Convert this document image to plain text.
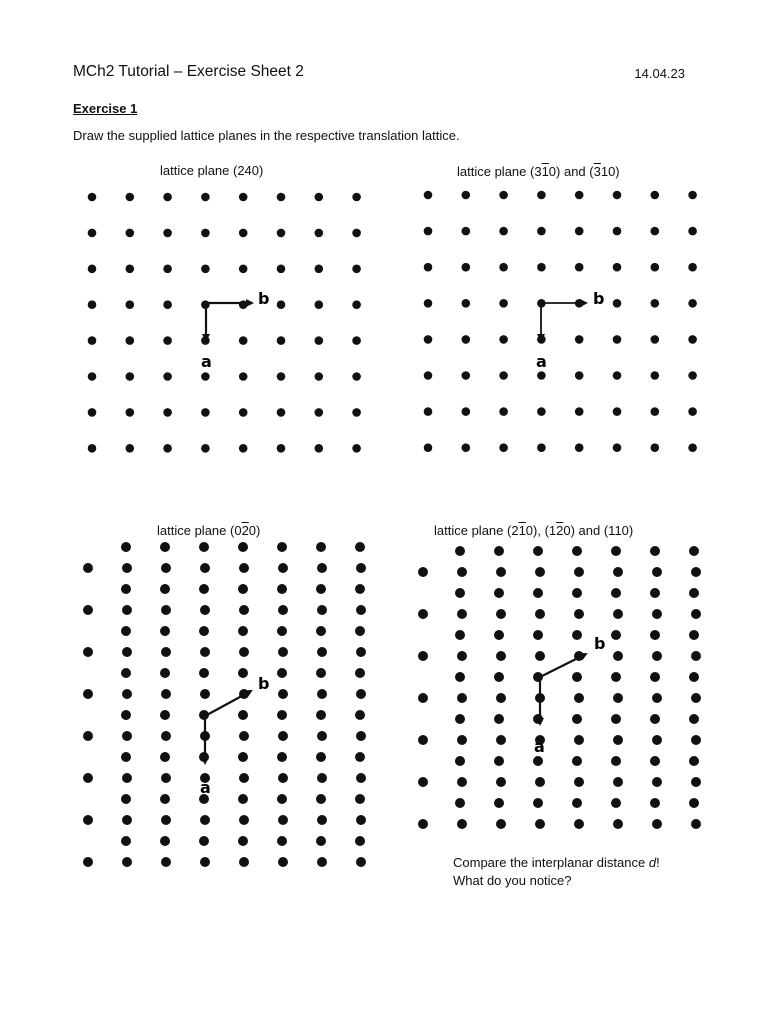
MCh2 Tutorial – Exercise Sheet 2	14.04.23
Exercise 1
Draw the supplied lattice planes in the respective translation lattice.
lattice plane (240)	lattice plane (310) and (310)
lattice plane (020)	lattice plane (210), (120) and (110)
b
a
b
a
b
a
b
a
Compare the interplanar distance d!
What do you notice?
